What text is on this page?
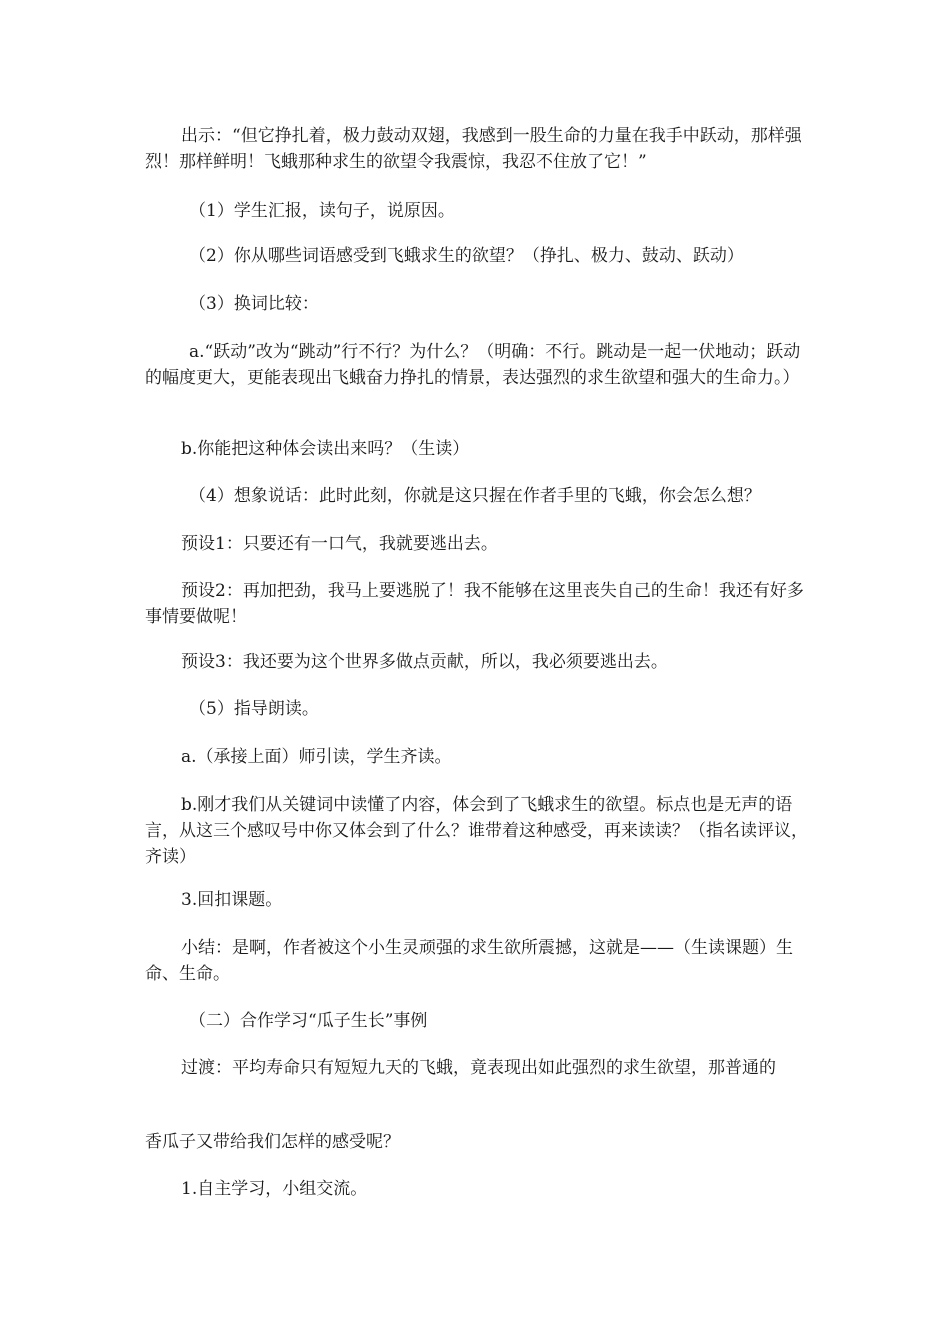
出示：“但它挣扎着，极力鼓动双翅，我感到一股生命的力量在我手中跃动，那样强烈！那样鲜明！飞蛾那种求生的欲望令我震惊，我忍不住放了它！”
（1）学生汇报，读句子，说原因。
（2）你从哪些词语感受到飞蛾求生的欲望？（挣扎、极力、鼓动、跃动）
（3）换词比较：
a.“跃动”改为“跳动”行不行？为什么？（明确：不行。跳动是一起一伏地动；跃动的幅度更大，更能表现出飞蛾奋力挣扎的情景，表达强烈的求生欲望和强大的生命力。）
b.你能把这种体会读出来吗？（生读）
（4）想象说话：此时此刻，你就是这只握在作者手里的飞蛾，你会怎么想？
预设1：只要还有一口气，我就要逃出去。
预设2：再加把劲，我马上要逃脱了！我不能够在这里丧失自己的生命！我还有好多事情要做呢！
预设3：我还要为这个世界多做点贡献，所以，我必须要逃出去。
（5）指导朗读。
a.（承接上面）师引读，学生齐读。
b.刚才我们从关键词中读懂了内容，体会到了飞蛾求生的欲望。标点也是无声的语言，从这三个感叹号中你又体会到了什么？谁带着这种感受，再来读读？（指名读评议，齐读）
3.回扣课题。
小结：是啊，作者被这个小生灵顽强的求生欲所震撼，这就是——（生读课题）生命、生命。
（二）合作学习“瓜子生长”事例
过渡：平均寿命只有短短九天的飞蛾，竟表现出如此强烈的求生欲望，那普通的
香瓜子又带给我们怎样的感受呢？
1.自主学习，小组交流。
